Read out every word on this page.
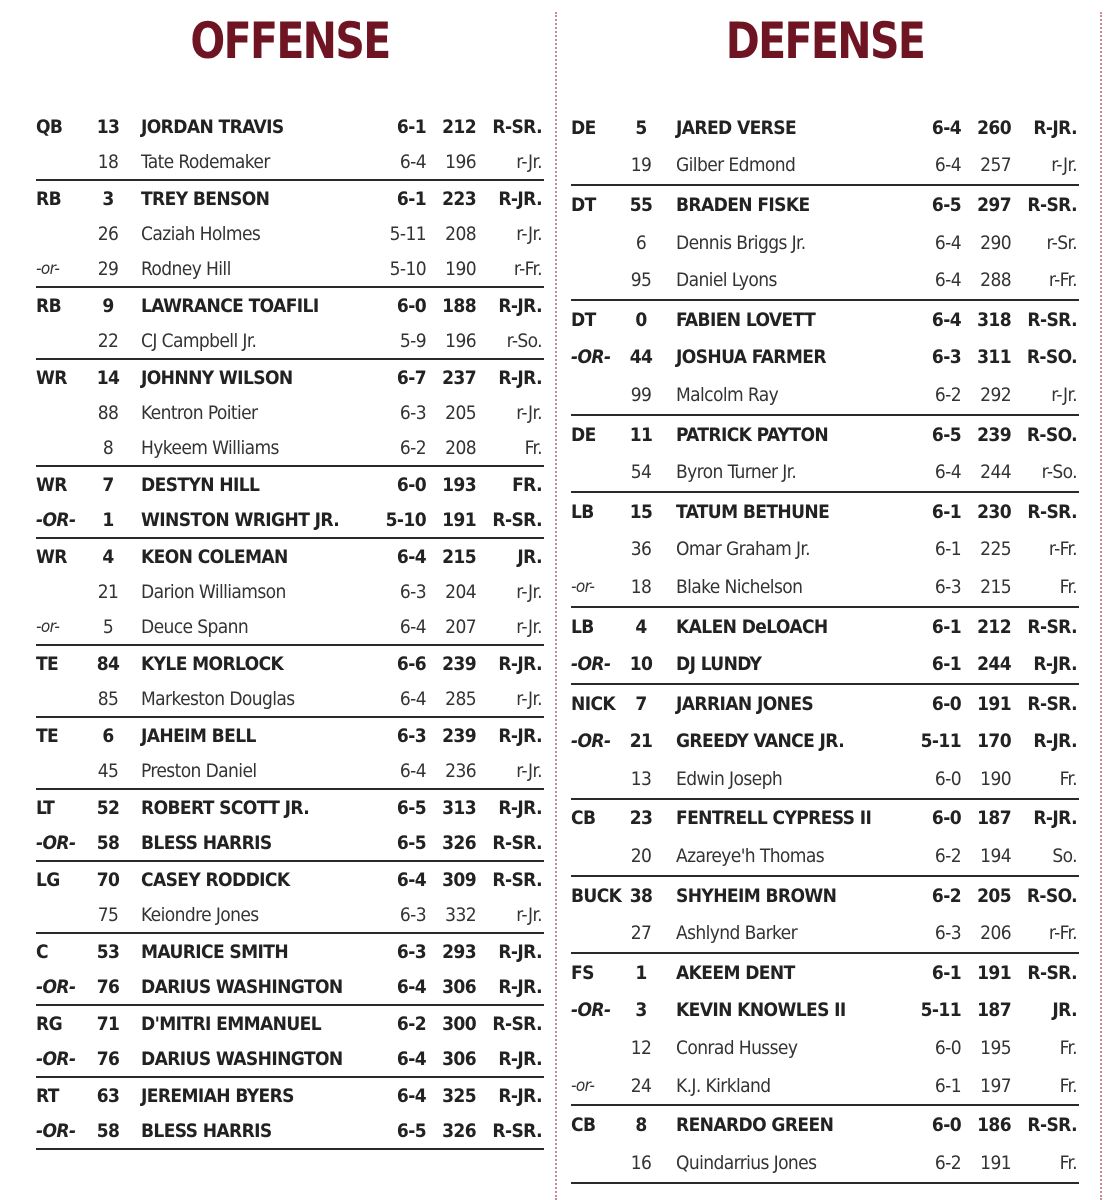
OFFENSE
QB	13	JORDAN TRAVIS	6-1 212 R-SR.
18	Tate Rodemaker	6-4	196	r-Jr.
RB	3	TREY BENSON	6-1 223	R-JR.
26	Caziah Holmes	5-11	208	r-Jr.
-or-	29	Rodney Hill	5-10	190	r-Fr.
RB	9	LAWRANCE TOAFILI	6-0 188	R-JR.
22	CJ Campbell Jr.	5-9	196	r-So.
WR	14	JOHNNY WILSON	6-7 237	R-JR.
88	Kentron Poitier	6-3	205	r-Jr.
8	Hykeem Williams	6-2	208	Fr.
WR	7	DESTYN HILL	6-0 193	FR.
-OR-	1	WINSTON WRIGHT JR.	5-10 191 R-SR.
WR	4	KEON COLEMAN	6-4 215	JR.
21	Darion Williamson	6-3	204	r-Jr.
-or-	5	Deuce Spann	6-4	207	r-Jr.
TE	84	KYLE MORLOCK	6-6 239	R-JR.
85	Markeston Douglas	6-4	285	r-Jr.
TE	6	JAHEIM BELL	6-3 239	R-JR.
45	Preston Daniel	6-4	236	r-Jr.
LT	52	ROBERT SCOTT JR.	6-5 313	R-JR.
-OR-	58	BLESS HARRIS	6-5 326 R-SR.
LG	70	CASEY RODDICK	6-4 309 R-SR.
75	Keiondre Jones	6-3	332	r-Jr.
C	53	MAURICE SMITH	6-3 293	R-JR.
-OR-	76	DARIUS WASHINGTON	6-4 306	R-JR.
RG	71	D'MITRI EMMANUEL	6-2 300 R-SR.
-OR-	76	DARIUS WASHINGTON	6-4 306	R-JR.
RT	63	JEREMIAH BYERS	6-4 325	R-JR.
-OR-	58	BLESS HARRIS	6-5 326 R-SR.
DEFENSE
DE	5	JARED VERSE	6-4 260	R-JR.
19	Gilber Edmond	6-4	257	r-Jr.
DT	55	BRADEN FISKE	6-5 297 R-SR.
6	Dennis Briggs Jr.	6-4	290	r-Sr.
95	Daniel Lyons	6-4	288	r-Fr.
DT	0	FABIEN LOVETT	6-4 318 R-SR.
-OR-	44	JOSHUA FARMER	6-3 311 R-SO.
99	Malcolm Ray	6-2	292	r-Jr.
DE	11	PATRICK PAYTON	6-5 239 R-SO.
54	Byron Turner Jr.	6-4	244	r-So.
LB	15	TATUM BETHUNE	6-1 230 R-SR.
36	Omar Graham Jr.	6-1	225	r-Fr.
-or-	18	Blake Nichelson	6-3	215	Fr.
LB	4	KALEN DeLOACH	6-1 212 R-SR.
-OR-	10	DJ LUNDY	6-1 244	R-JR.
NICK	7	JARRIAN JONES	6-0 191 R-SR.
-OR-	21	GREEDY VANCE JR.	5-11 170	R-JR.
13	Edwin Joseph	6-0	190	Fr.
CB	23	FENTRELL CYPRESS II	6-0 187	R-JR.
20	Azareye'h Thomas	6-2	194	So.
BUCK 38	SHYHEIM BROWN	6-2 205 R-SO.
27	Ashlynd Barker	6-3	206	r-Fr.
FS	1	AKEEM DENT	6-1 191 R-SR.
-OR-	3	KEVIN KNOWLES II	5-11 187	JR.
12	Conrad Hussey	6-0	195	Fr.
-or-	24	K.J. Kirkland	6-1	197	Fr.
CB	8	RENARDO GREEN	6-0 186 R-SR.
16	Quindarrius Jones	6-2	191	Fr.
